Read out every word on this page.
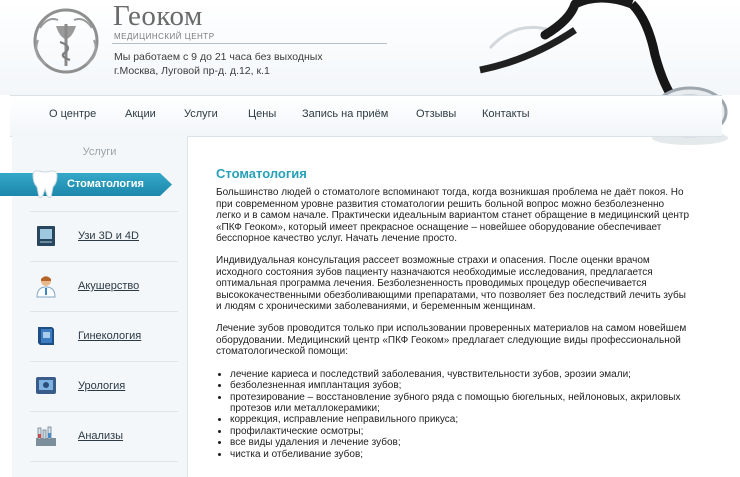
Геоком
МЕДИЦИНСКИЙ ЦЕНТР
Мы работаем с 9 до 21 часа без выходных
г.Москва, Луговой пр-д. д.12, к.1
О центре	Акции	Услуги	Цены Запись на приём	Отзывы Контакты
Услуги
Узи 3D и 4D
Акушерство
Гинекология
Урология
Анализы
Стоматология
Стоматология

Большинство людей о стоматологе вспоминают тогда, когда возникшая проблема не даёт покоя. Но при современном уровне развития стоматологии решить больной вопрос можно безболезненно легко и в самом начале. Практически идеальным вариантом станет обращение в медицинский центр «ПКФ Геоком», который имеет прекрасное оснащение – новейшее оборудование обеспечивает бесспорное качество услуг. Начать лечение просто.

Индивидуальная консультация рассеет возможные страхи и опасения. После оценки врачом исходного состояния зубов пациенту назначаются необходимые исследования, предлагается оптимальная программа лечения. Безболезненность проводимых процедур обеспечивается высококачественными обезболивающими препаратами, что позволяет без последствий лечить зубы и людям с хроническими заболеваниями, и беременным женщинам.

Лечение зубов проводится только при использовании проверенных материалов на самом новейшем оборудовании. Медицинский центр «ПКФ Геоком» предлагает следующие виды профессиональной стоматологической помощи:

• лечение кариеса и последствий заболевания, чувствительности зубов, эрозии эмали;
• безболезненная имплантация зубов;
• протезирование – восстановление зубного ряда с помощью бюгельных, нейлоновых, акриловых протезов или металлокерамики;
• коррекция, исправление неправильного прикуса;
• профилактические осмотры;
• все виды удаления и лечение зубов;
• чистка и отбеливание зубов;
